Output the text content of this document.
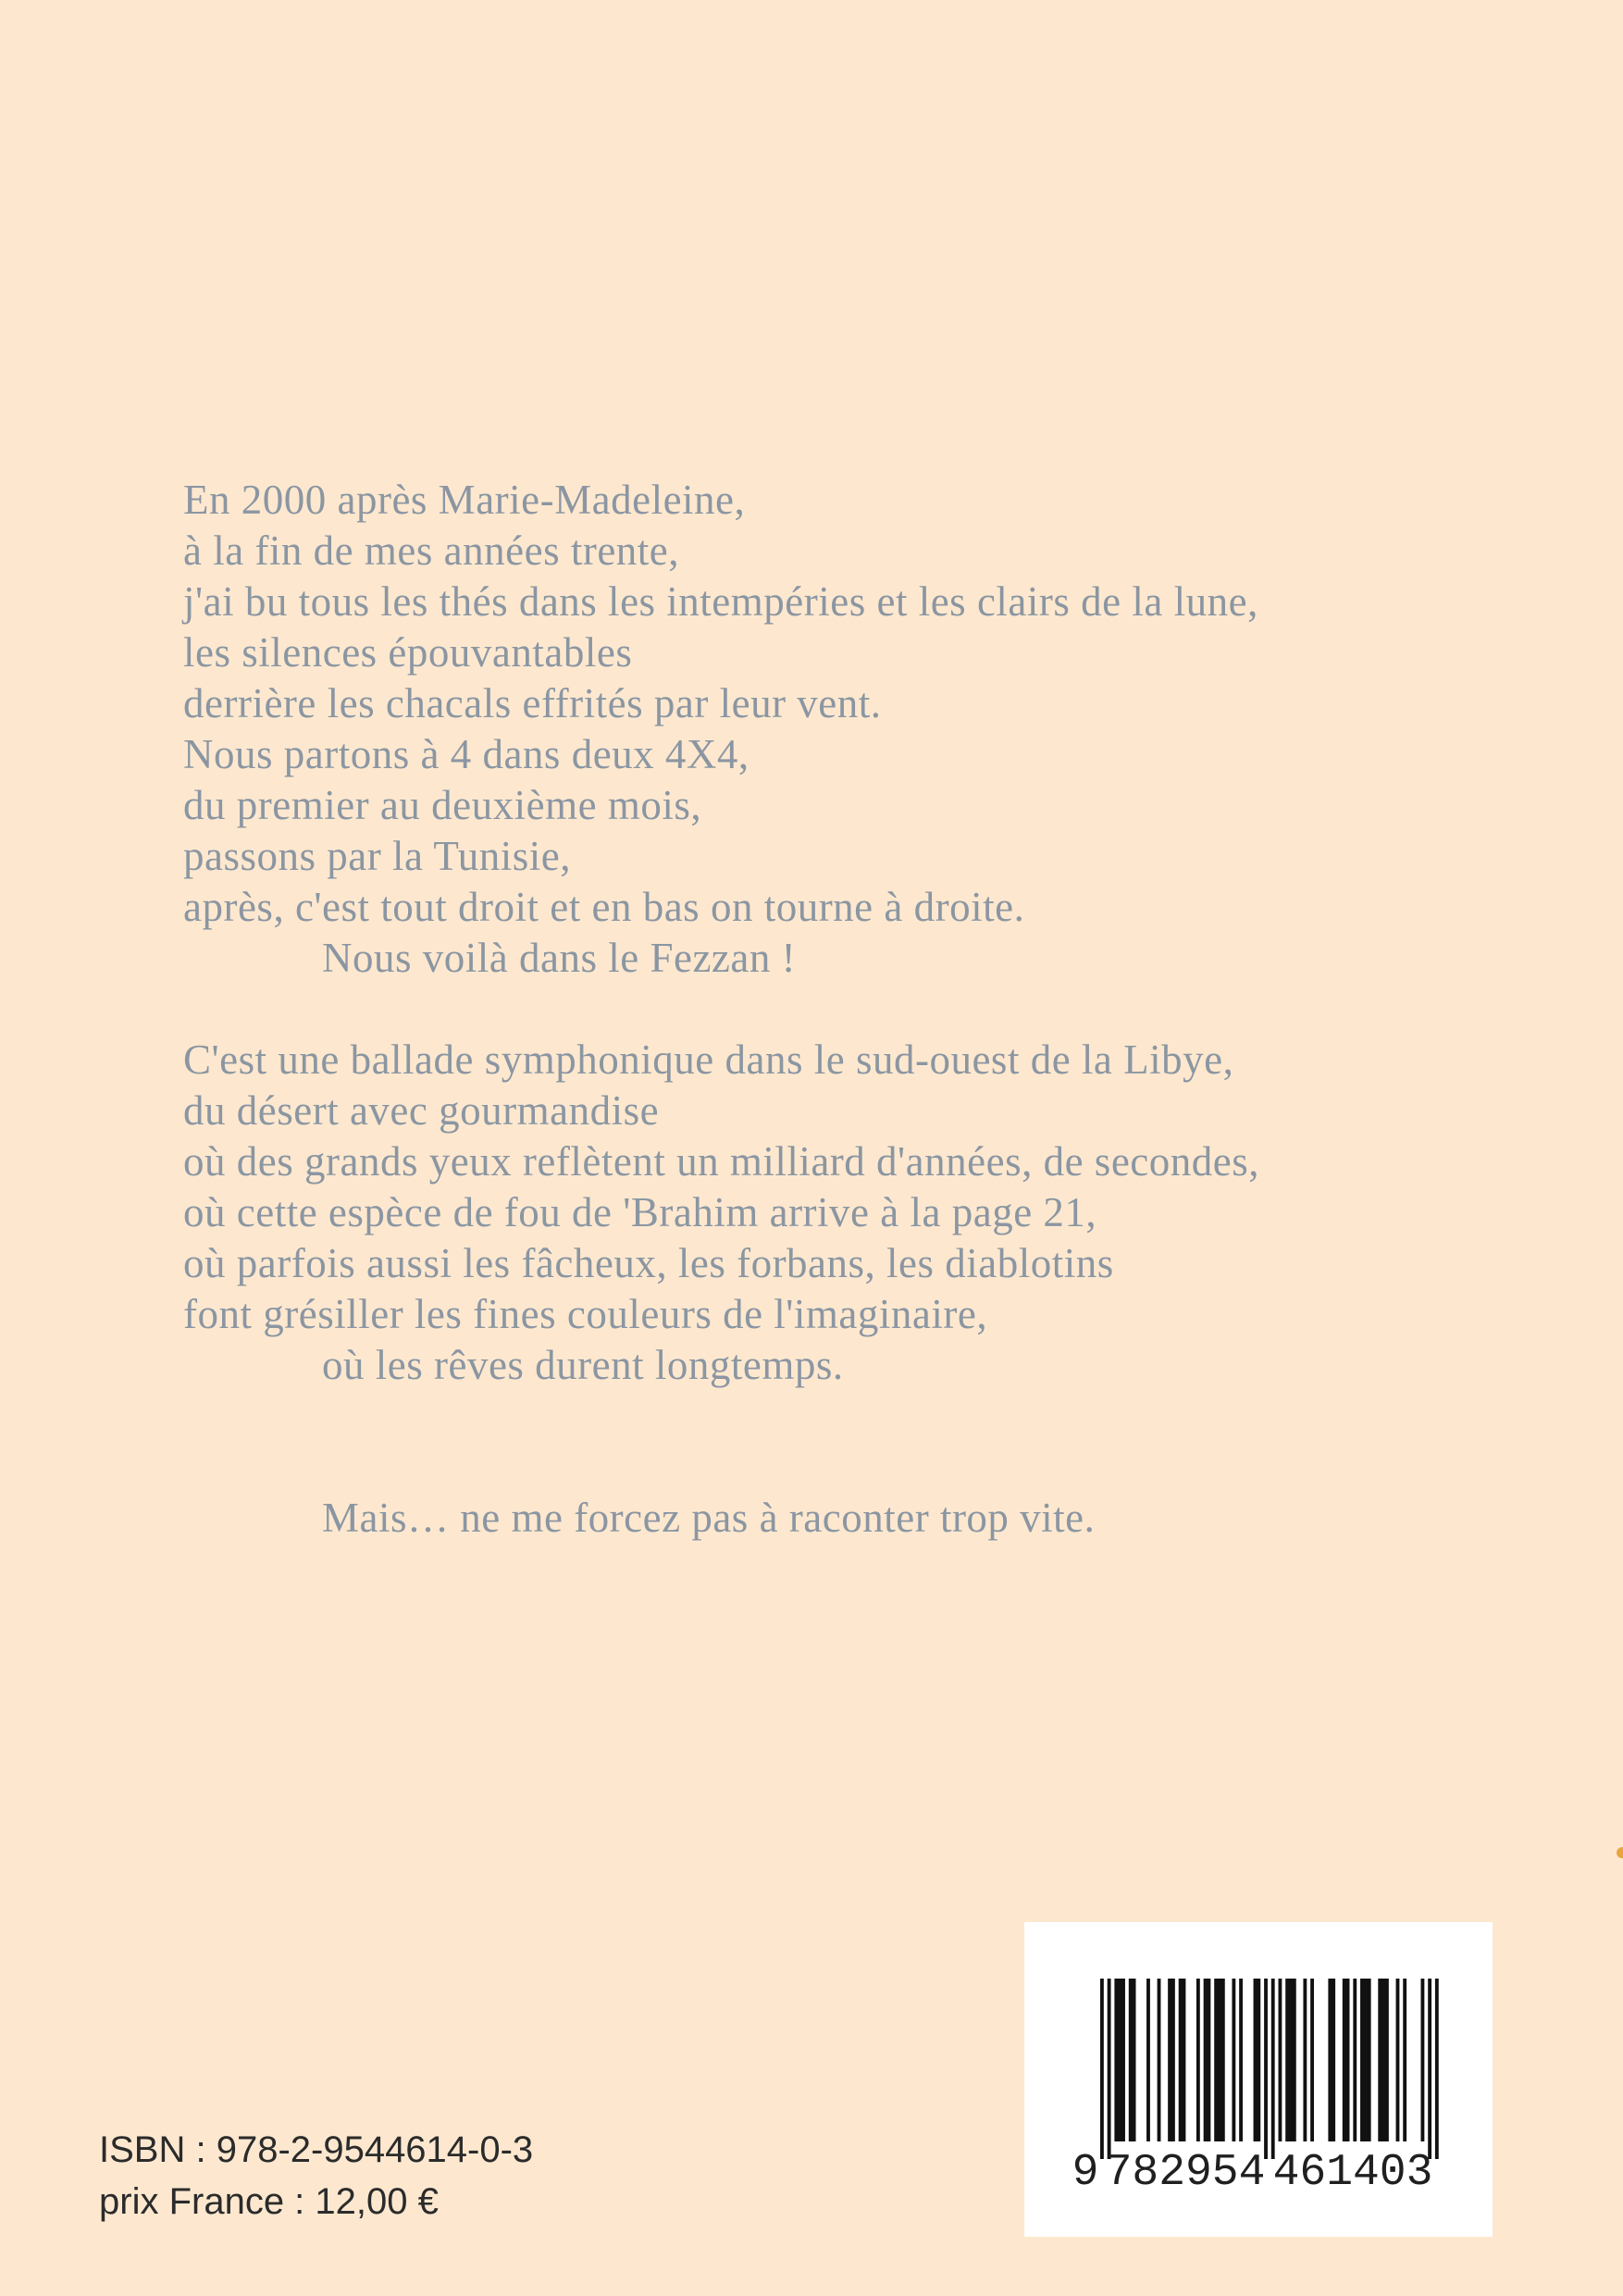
En 2000 après Marie-Madeleine,
à la fin de mes années trente,
j'ai bu tous les thés dans les intempéries et les clairs de la lune,
les silences épouvantables
derrière les chacals effrités par leur vent.
Nous partons à 4 dans deux 4X4,
du premier au deuxième mois,
passons par la Tunisie,
après, c'est tout droit et en bas on tourne à droite.
Nous voilà dans le Fezzan !
C'est une ballade symphonique dans le sud-ouest de la Libye,
du désert avec gourmandise
où des grands yeux reflètent un milliard d'années, de secondes,
où cette espèce de fou de 'Brahim arrive à la page 21,
où parfois aussi les fâcheux, les forbans, les diablotins
font grésiller les fines couleurs de l'imaginaire,
où les rêves durent longtemps.
Mais… ne me forcez pas à raconter trop vite.
ISBN : 978-2-9544614-0-3
prix France : 12,00 €
9 782954 461403
